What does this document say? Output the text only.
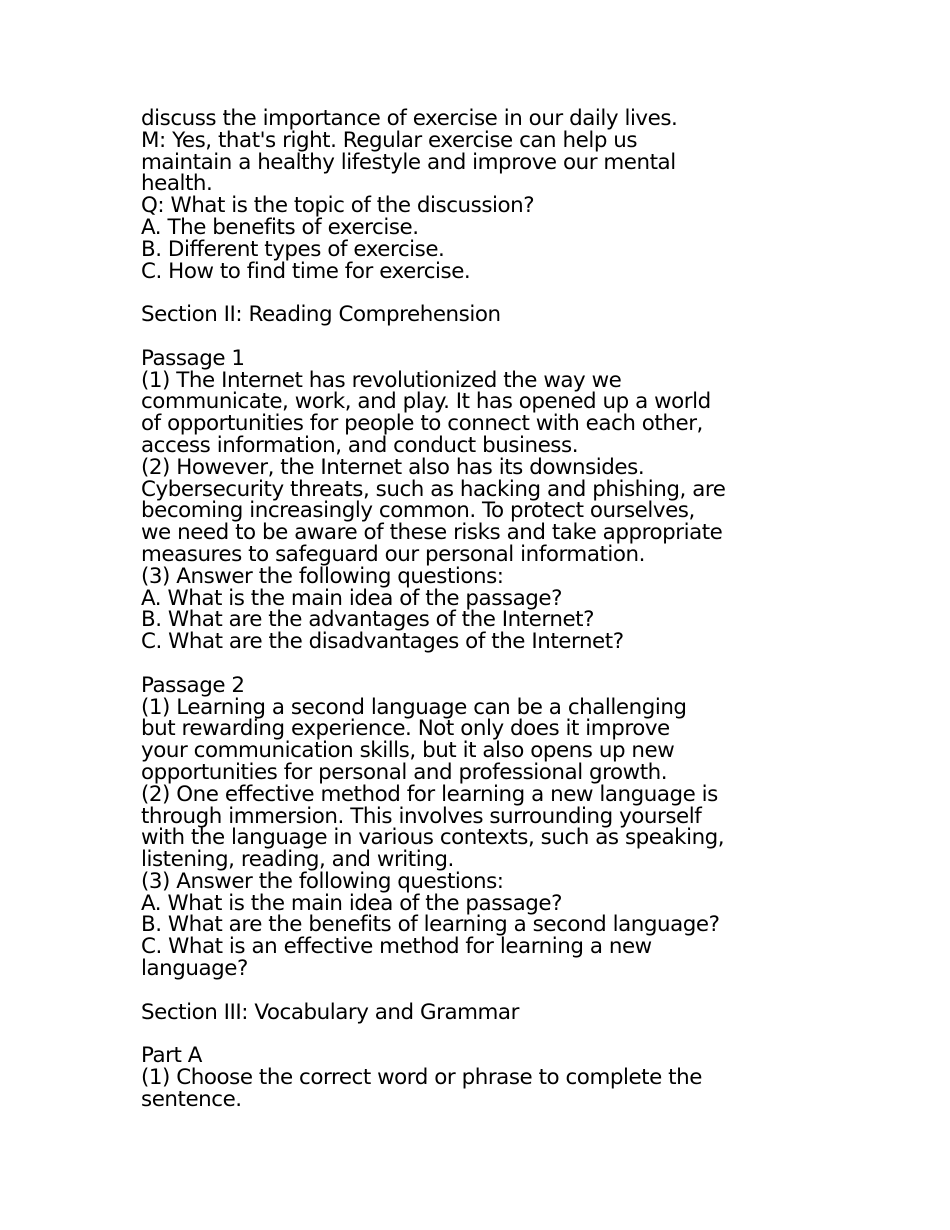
discuss the importance of exercise in our daily lives.
M: Yes, that's right. Regular exercise can help us
maintain a healthy lifestyle and improve our mental
health.
Q: What is the topic of the discussion?
A. The benefits of exercise.
B. Different types of exercise.
C. How to find time for exercise.
Section II: Reading Comprehension
Passage 1
(1) The Internet has revolutionized the way we
communicate, work, and play. It has opened up a world
of opportunities for people to connect with each other,
access information, and conduct business.
(2) However, the Internet also has its downsides.
Cybersecurity threats, such as hacking and phishing, are
becoming increasingly common. To protect ourselves,
we need to be aware of these risks and take appropriate
measures to safeguard our personal information.
(3) Answer the following questions:
A. What is the main idea of the passage?
B. What are the advantages of the Internet?
C. What are the disadvantages of the Internet?
Passage 2
(1) Learning a second language can be a challenging
but rewarding experience. Not only does it improve
your communication skills, but it also opens up new
opportunities for personal and professional growth.
(2) One effective method for learning a new language is
through immersion. This involves surrounding yourself
with the language in various contexts, such as speaking,
listening, reading, and writing.
(3) Answer the following questions:
A. What is the main idea of the passage?
B. What are the benefits of learning a second language?
C. What is an effective method for learning a new
language?
Section III: Vocabulary and Grammar
Part A
(1) Choose the correct word or phrase to complete the
sentence.
